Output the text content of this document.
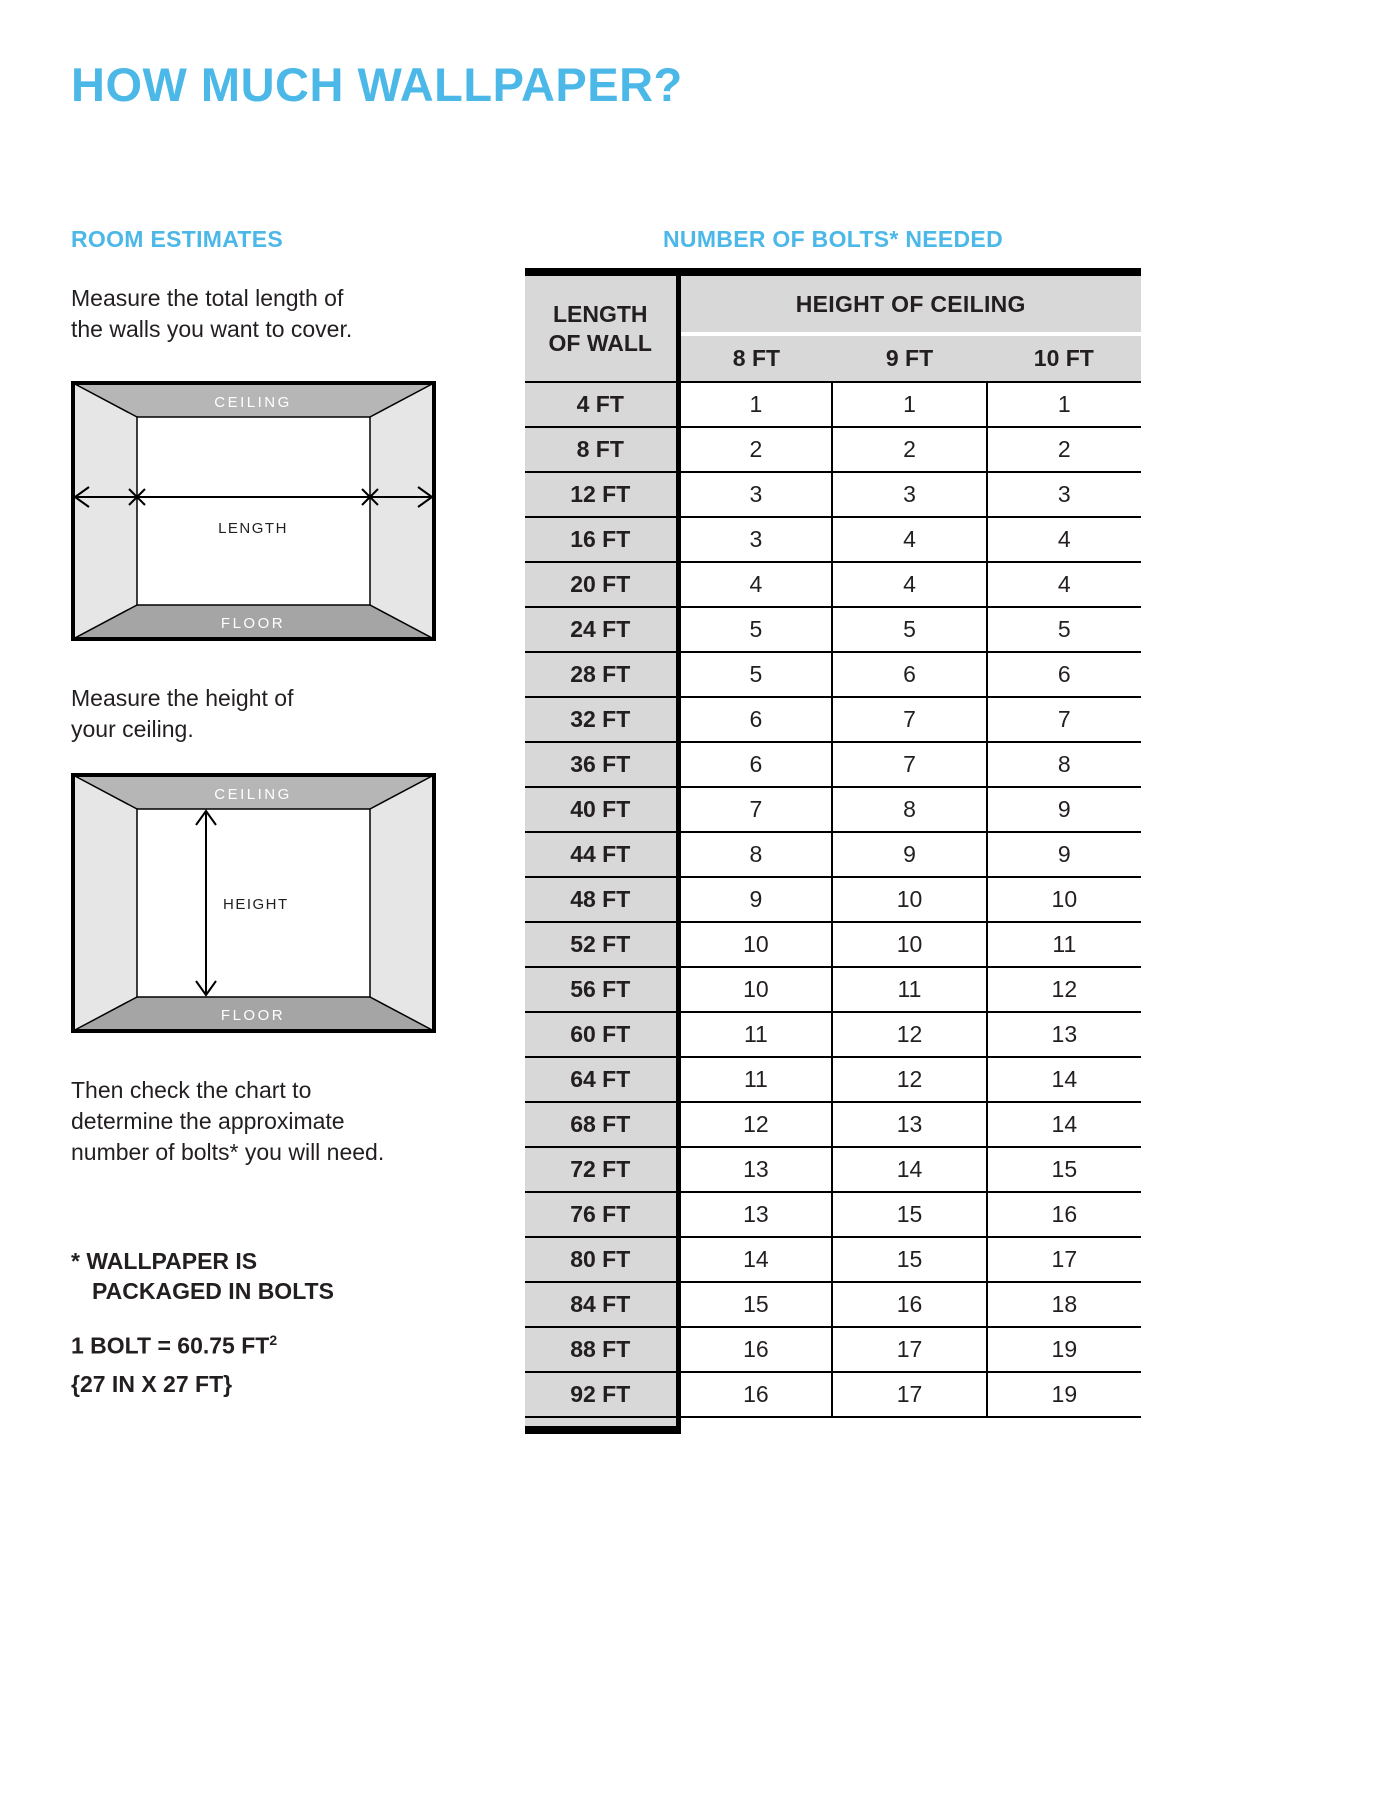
HOW MUCH WALLPAPER?
ROOM ESTIMATES

Measure the total length of
the walls you want to cover.

CEILING
FLOOR
LENGTH

Measure the height of
your ceiling.

CEILING
FLOOR
HEIGHT

Then check the chart to
determine the approximate
number of bolts* you will need.

* WALLPAPER IS
PACKAGED IN BOLTS
1 BOLT = 60.75 $FT^2$
{27 IN X 27 FT}
NUMBER OF BOLTS* NEEDED
LENGTH
OF WALL	HEIGHT OF CEILING		
	8 FT	9 FT	10 FT
4 FT	1	1	1
8 FT	2	2	2
12 FT	3	3	3
16 FT	3	4	4
20 FT	4	4	4
24 FT	5	5	5
28 FT	5	6	6
32 FT	6	7	7
36 FT	6	7	8
40 FT	7	8	9
44 FT	8	9	9
48 FT	9	10	10
52 FT	10	10	11
56 FT	10	11	12
60 FT	11	12	13
64 FT	11	12	14
68 FT	12	13	14
72 FT	13	14	15
76 FT	13	15	16
80 FT	14	15	17
84 FT	15	16	18
88 FT	16	17	19
92 FT	16	17	19
